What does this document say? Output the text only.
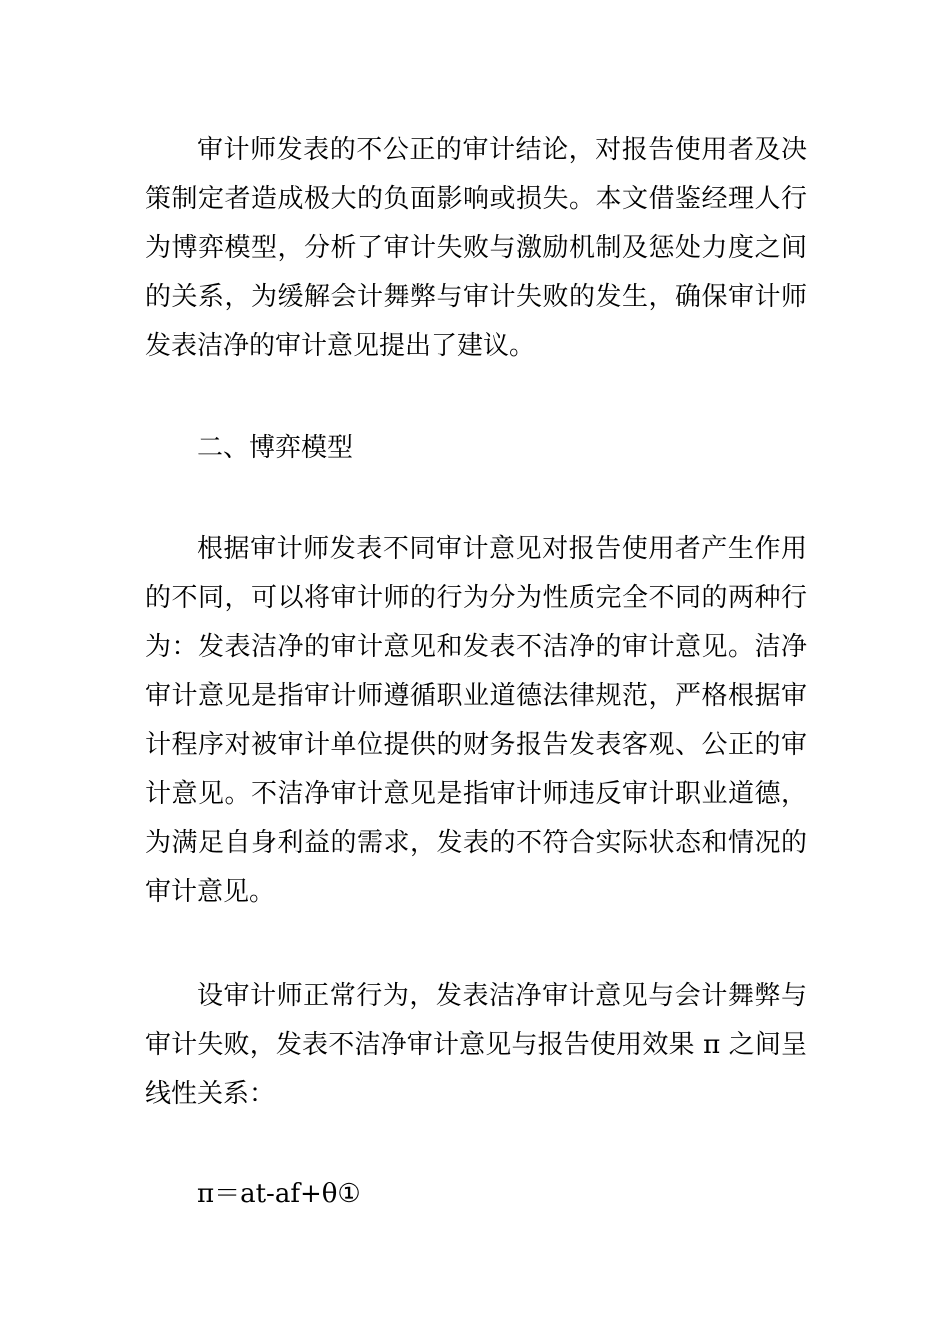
审计师发表的不公正的审计结论，对报告使用者及决策制定者造成极大的负面影响或损失。本文借鉴经理人行为博弈模型，分析了审计失败与激励机制及惩处力度之间的关系，为缓解会计舞弊与审计失败的发生，确保审计师发表洁净的审计意见提出了建议。

二、博弈模型

根据审计师发表不同审计意见对报告使用者产生作用的不同，可以将审计师的行为分为性质完全不同的两种行为：发表洁净的审计意见和发表不洁净的审计意见。洁净审计意见是指审计师遵循职业道德法律规范，严格根据审计程序对被审计单位提供的财务报告发表客观、公正的审计意见。不洁净审计意见是指审计师违反审计职业道德，为满足自身利益的需求，发表的不符合实际状态和情况的审计意见。

设审计师正常行为，发表洁净审计意见与会计舞弊与审计失败，发表不洁净审计意见与报告使用效果 π 之间呈线性关系：

π＝at-af+θ①
